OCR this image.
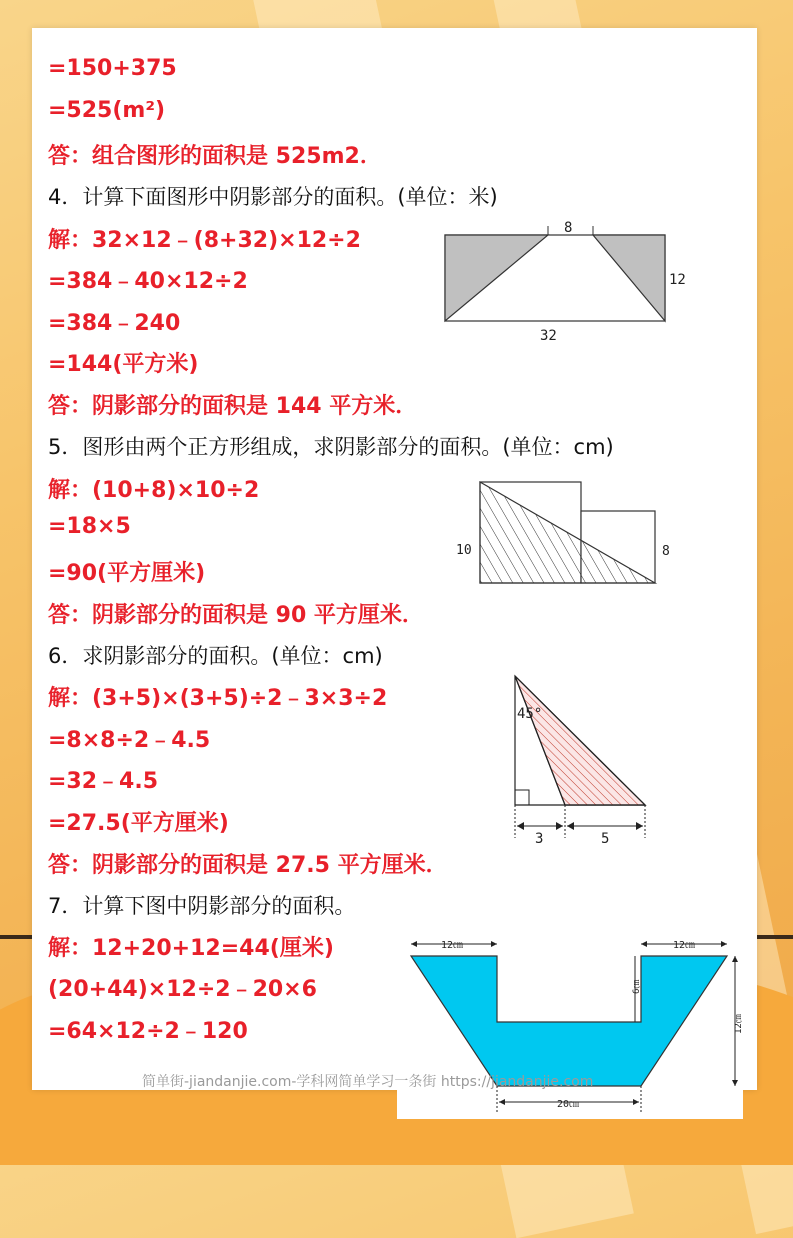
=150+375
=525(m²)
答：组合图形的面积是 525m2．
4．计算下面图形中阴影部分的面积。(单位：米)
解：32×12﹣(8+32)×12÷2
=384﹣40×12÷2
=384﹣240
=144(平方米)
答：阴影部分的面积是 144 平方米．
5．图形由两个正方形组成，求阴影部分的面积。(单位：cm)
解：(10+8)×10÷2
=18×5
=90(平方厘米)
答：阴影部分的面积是 90 平方厘米．
6．求阴影部分的面积。(单位：cm)
解：(3+5)×(3+5)÷2﹣3×3÷2
=8×8÷2﹣4.5
=32﹣4.5
=27.5(平方厘米)
答：阴影部分的面积是 27.5 平方厘米．
7．计算下图中阴影部分的面积。
解：12+20+12=44(厘米)
(20+44)×12÷2﹣20×6
=64×12÷2﹣120
8
12
32
10	8
45°
3	5
12㎝	12㎝
6㎝
12㎝
20㎝
简单街-jiandanjie.com-学科网简单学习一条街 https://jiandanjie.com
